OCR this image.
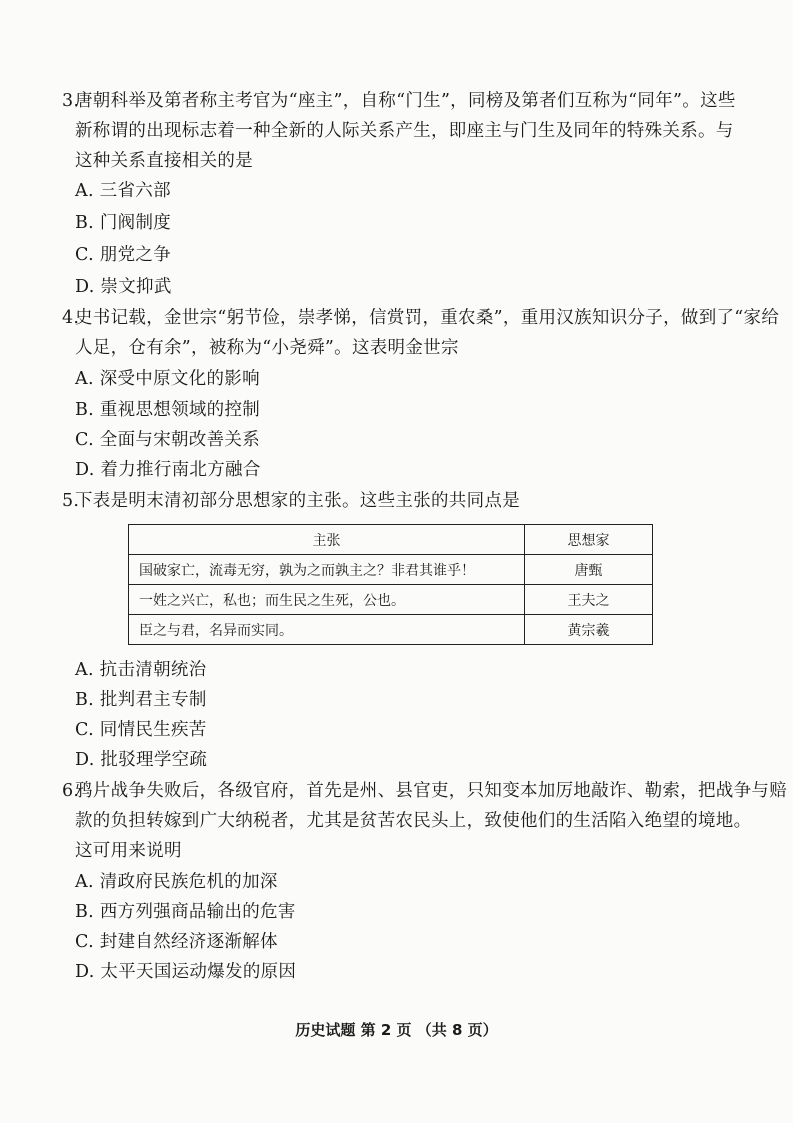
3.唐朝科举及第者称主考官为“座主”，自称“门生”，同榜及第者们互称为“同年”。这些
新称谓的出现标志着一种全新的人际关系产生，即座主与门生及同年的特殊关系。与
这种关系直接相关的是
A. 三省六部
B. 门阀制度
C. 朋党之争
D. 崇文抑武
4.史书记载，金世宗“躬节俭，崇孝悌，信赏罚，重农桑”，重用汉族知识分子，做到了“家给
人足，仓有余”，被称为“小尧舜”。这表明金世宗
A. 深受中原文化的影响
B. 重视思想领域的控制
C. 全面与宋朝改善关系
D. 着力推行南北方融合
5.下表是明末清初部分思想家的主张。这些主张的共同点是
主张	思想家
国破家亡，流毒无穷，孰为之而孰主之？非君其谁乎！	唐甄
一姓之兴亡，私也；而生民之生死，公也。	王夫之
臣之与君，名异而实同。	黄宗羲
A. 抗击清朝统治
B. 批判君主专制
C. 同情民生疾苦
D. 批驳理学空疏
6.鸦片战争失败后，各级官府，首先是州、县官吏，只知变本加厉地敲诈、勒索，把战争与赔
款的负担转嫁到广大纳税者，尤其是贫苦农民头上，致使他们的生活陷入绝望的境地。
这可用来说明
A. 清政府民族危机的加深
B. 西方列强商品输出的危害
C. 封建自然经济逐渐解体
D. 太平天国运动爆发的原因
历史试题 第 2 页 （共 8 页）
